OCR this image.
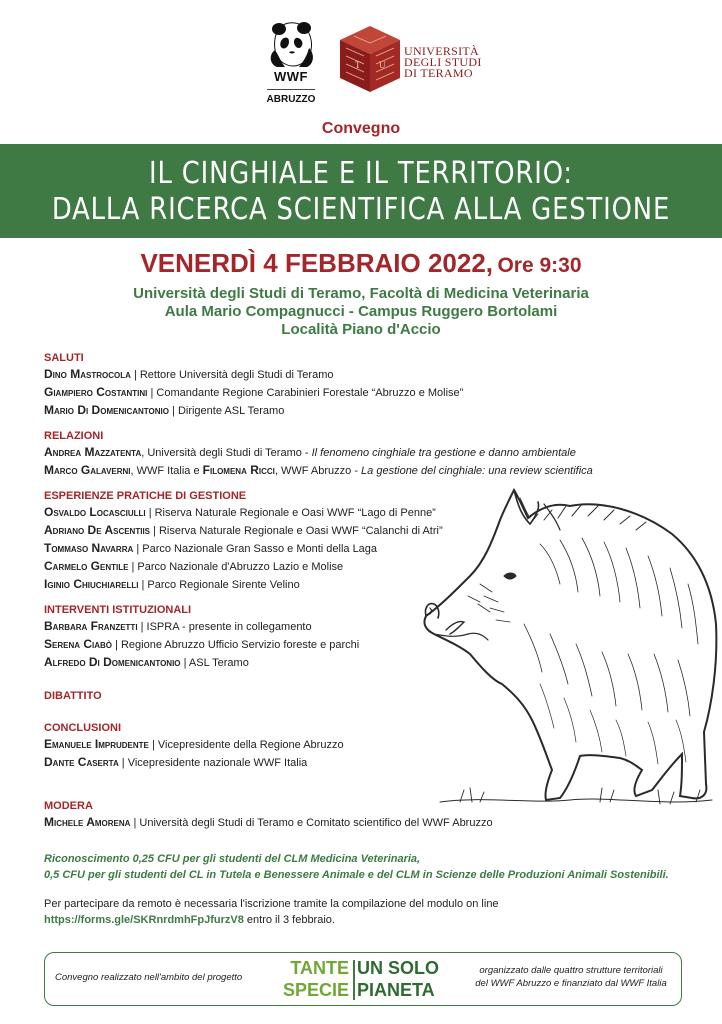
WWF
ABRUZZO
T U
UNIVERSITÀ
DEGLI STUDI
DI TERAMO
Convegno
IL CINGHIALE E IL TERRITORIO:
DALLA RICERCA SCIENTIFICA ALLA GESTIONE
VENERDÌ 4 FEBBRAIO 2022, Ore 9:30
Università degli Studi di Teramo, Facoltà di Medicina Veterinaria
Aula Mario Compagnucci - Campus Ruggero Bortolami
Località Piano d'Accio
SALUTI
Dino Mastrocola | Rettore Università degli Studi di Teramo
Giampiero Costantini | Comandante Regione Carabinieri Forestale “Abruzzo e Molise”
Mario Di Domenicantonio | Dirigente ASL Teramo
RELAZIONI
Andrea Mazzatenta, Università degli Studi di Teramo - Il fenomeno cinghiale tra gestione e danno ambientale
Marco Galaverni, WWF Italia e Filomena Ricci, WWF Abruzzo - La gestione del cinghiale: una review scientifica
ESPERIENZE PRATICHE DI GESTIONE
Osvaldo Locasciulli | Riserva Naturale Regionale e Oasi WWF “Lago di Penne”
Adriano De Ascentiis | Riserva Naturale Regionale e Oasi WWF “Calanchi di Atri”
Tommaso Navarra | Parco Nazionale Gran Sasso e Monti della Laga
Carmelo Gentile | Parco Nazionale d'Abruzzo Lazio e Molise
Iginio Chiuchiarelli | Parco Regionale Sirente Velino
INTERVENTI ISTITUZIONALI
Barbara Franzetti | ISPRA - presente in collegamento
Serena Ciabò | Regione Abruzzo Ufficio Servizio foreste e parchi
Alfredo Di Domenicantonio | ASL Teramo
DIBATTITO
CONCLUSIONI
Emanuele Imprudente | Vicepresidente della Regione Abruzzo
Dante Caserta | Vicepresidente nazionale WWF Italia
MODERA
Michele Amorena | Università degli Studi di Teramo e Comitato scientifico del WWF Abruzzo
Riconoscimento 0,25 CFU per gli studenti del CLM Medicina Veterinaria,
0,5 CFU per gli studenti del CL in Tutela e Benessere Animale e del CLM in Scienze delle Produzioni Animali Sostenibili.
Per partecipare da remoto è necessaria l'iscrizione tramite la compilazione del modulo on line
https://forms.gle/SKRnrdmhFpJfurzV8 entro il 3 febbraio.
Convegno realizzato nell'ambito del progetto	TANTE
SPECIE
UN SOLO
PIANETA
organizzato dalle quattro strutture territoriali
del WWF Abruzzo e finanziato dal WWF Italia
